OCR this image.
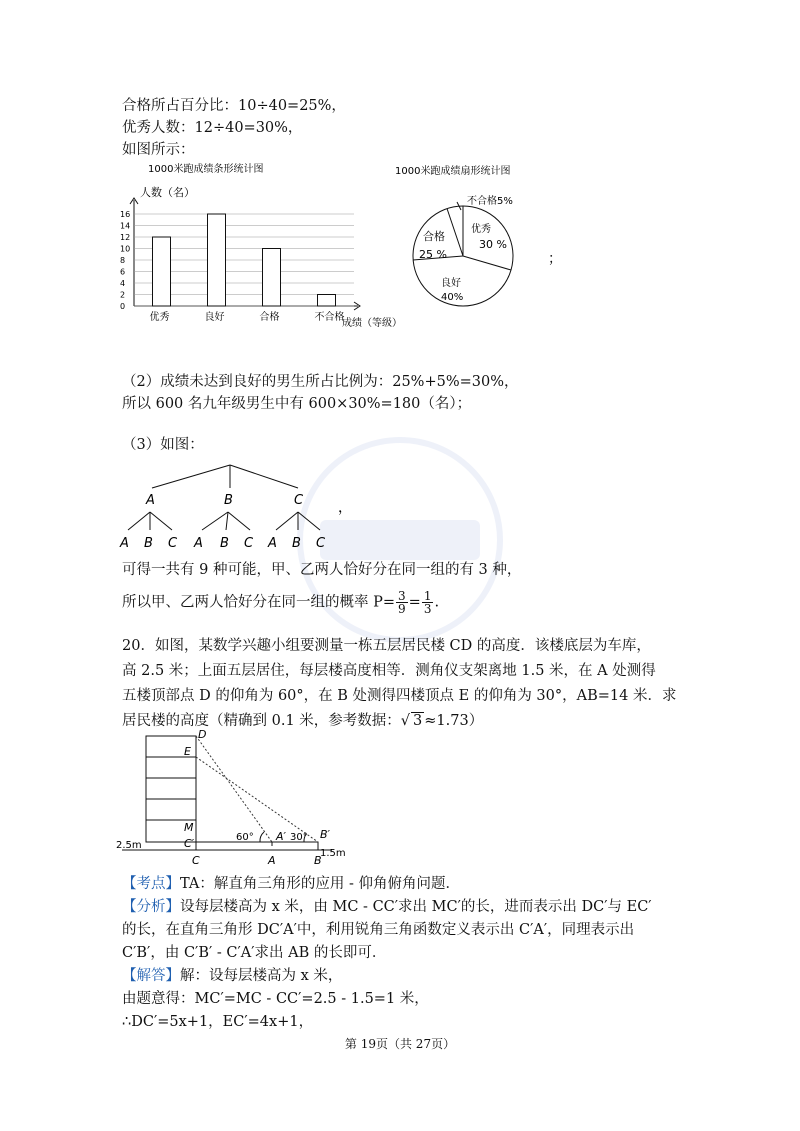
合格所占百分比：10÷40=25%，
优秀人数：12÷40=30%，
如图所示：
1000米跑成绩条形统计图
人数（名）
16
14
12
10
8
6
4
2
0
优秀	良好	合格	不合格
成绩（等级）
1000米跑成绩扇形统计图
不合格5%
优秀
30 %
合格
25 %
良好
40%
；
（2）成绩未达到良好的男生所占比例为：25%+5%=30%，
所以 600 名九年级男生中有 600×30%=180（名）；
（3）如图：
A	B	C
A B C A B C A B C
，
可得一共有 9 种可能，甲、乙两人恰好分在同一组的有 3 种，
所以甲、乙两人恰好分在同一组的概率 $P= \frac{3}{9} = \frac{1}{3}$ .
20．如图，某数学兴趣小组要测量一栋五层居民楼 CD 的高度．该楼底层为车库，
高 2.5 米；上面五层居住，每层楼高度相等．测角仪支架离地 1.5 米，在 A 处测得
五楼顶部点 D 的仰角为 60°，在 B 处测得四楼顶点 E 的仰角为 30°，AB=14 米．求
居民楼的高度（精确到 0.1 米，参考数据：√ 3 ≈1.73）
D
E
M
C′
C	A	B
A′	B′
60°	30°
2.5m
1.5m
【考点】TA：解直角三角形的应用 - 仰角俯角问题．
【分析】设每层楼高为 x 米，由 MC - CC′求出 MC′的长，进而表示出 DC′与 EC′
的长，在直角三角形 DC′A′中，利用锐角三角函数定义表示出 C′A′，同理表示出
C′B′，由 C′B′ - C′A′求出 AB 的长即可．
【解答】解：设每层楼高为 x 米，
由题意得：MC′=MC - CC′=2.5 - 1.5=1 米，
∴DC′=5x+1，EC′=4x+1，
第 19页（共 27页）
